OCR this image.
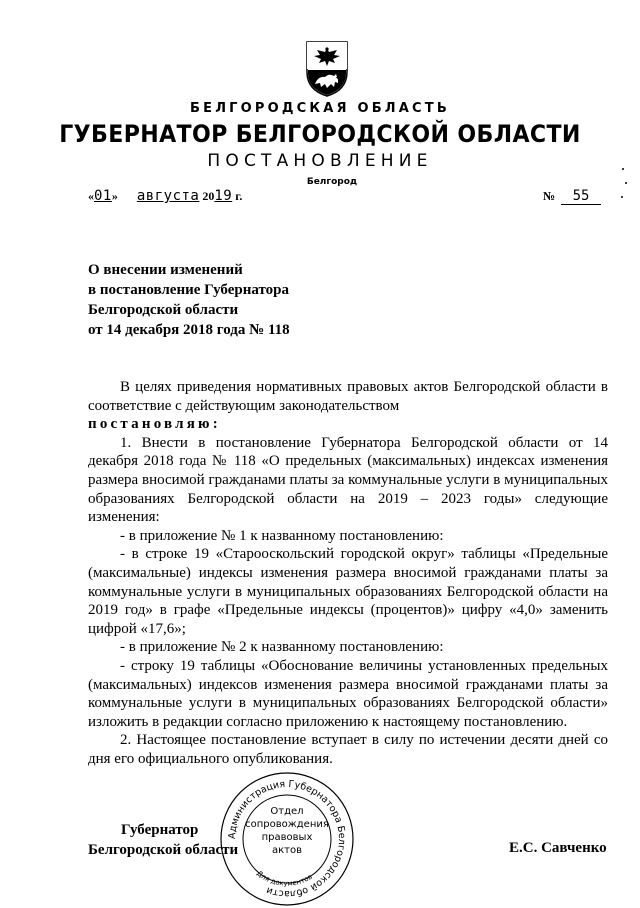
БЕЛГОРОДСКАЯ ОБЛАСТЬ
ГУБЕРНАТОР БЕЛГОРОДСКОЙ ОБЛАСТИ
ПОСТАНОВЛЕНИЕ
Белгород
«01» августа 2019 г.	№ 55
О внесении изменений
в постановление Губернатора
Белгородской области
от 14 декабря 2018 года № 118

В целях приведения нормативных правовых актов Белгородской области в соответствие с действующим законодательством

постановляю:

1. Внести в постановление Губернатора Белгородской области от 14 декабря 2018 года № 118 «О предельных (максимальных) индексах изменения размера вносимой гражданами платы за коммунальные услуги в муниципальных образованиях Белгородской области на 2019 – 2023 годы» следующие изменения:

- в приложение № 1 к названному постановлению:

- в строке 19 «Старооскольский городской округ» таблицы «Предельные (максимальные) индексы изменения размера вносимой гражданами платы за коммунальные услуги в муниципальных образованиях Белгородской области на 2019 год» в графе «Предельные индексы (процентов)» цифру «4,0» заменить цифрой «17,6»;

- в приложение № 2 к названному постановлению:

- строку 19 таблицы «Обоснование величины установленных предельных (максимальных) индексов изменения размера вносимой гражданами платы за коммунальные услуги в муниципальных образованиях Белгородской области» изложить в редакции согласно приложению к настоящему постановлению.

2. Настоящее постановление вступает в силу по истечении десяти дней со дня его официального опубликования.

Губернатор
Белгородской области	Е.С. Савченко
Администрация Губернатора Белгородской области
Для документов
Отдел
сопровождения
правовых
актов
